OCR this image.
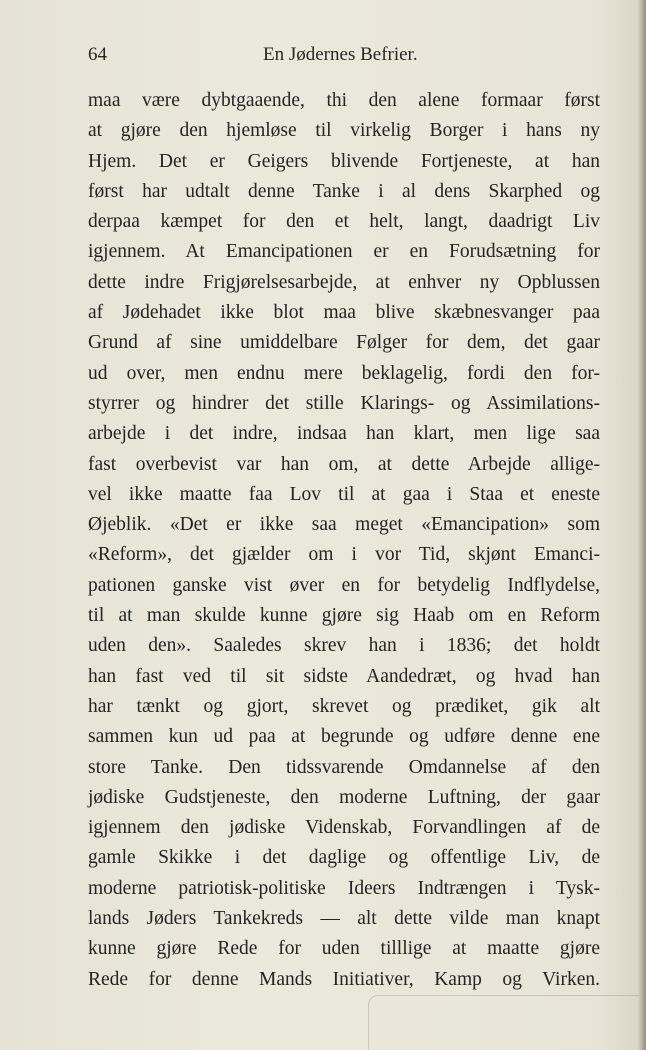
64	En Jødernes Befrier.
maa være dybtgaaende, thi den alene formaar først
at gjøre den hjemløse til virkelig Borger i hans ny
Hjem. Det er Geigers blivende Fortjeneste, at han
først har udtalt denne Tanke i al dens Skarphed og
derpaa kæmpet for den et helt, langt, daadrigt Liv
igjennem. At Emancipationen er en Forudsætning for
dette indre Frigjørelsesarbejde, at enhver ny Opblussen
af Jødehadet ikke blot maa blive skæbnesvanger paa
Grund af sine umiddelbare Følger for dem, det gaar
ud over, men endnu mere beklagelig, fordi den for-
styrrer og hindrer det stille Klarings- og Assimilations-
arbejde i det indre, indsaa han klart, men lige saa
fast overbevist var han om, at dette Arbejde allige-
vel ikke maatte faa Lov til at gaa i Staa et eneste
Øjeblik. «Det er ikke saa meget «Emancipation» som
«Reform», det gjælder om i vor Tid, skjønt Emanci-
pationen ganske vist øver en for betydelig Indflydelse,
til at man skulde kunne gjøre sig Haab om en Reform
uden den». Saaledes skrev han i 1836; det holdt
han fast ved til sit sidste Aandedræt, og hvad han
har tænkt og gjort, skrevet og prædiket, gik alt
sammen kun ud paa at begrunde og udføre denne ene
store Tanke. Den tidssvarende Omdannelse af den
jødiske Gudstjeneste, den moderne Luftning, der gaar
igjennem den jødiske Videnskab, Forvandlingen af de
gamle Skikke i det daglige og offentlige Liv, de
moderne patriotisk-politiske Ideers Indtrængen i Tysk-
lands Jøders Tankekreds — alt dette vilde man knapt
kunne gjøre Rede for uden tilllige at maatte gjøre
Rede for denne Mands Initiativer, Kamp og Virken.
